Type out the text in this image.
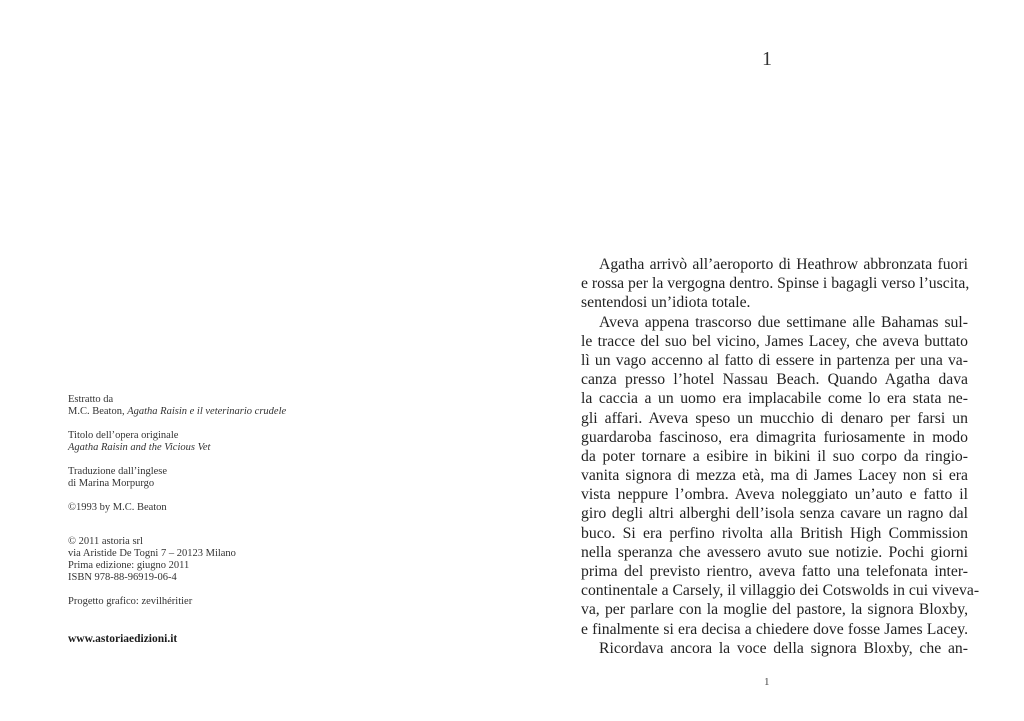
Estratto da
M.C. Beaton, Agatha Raisin e il veterinario crudele
Titolo dell’opera originale
Agatha Raisin and the Vicious Vet
Traduzione dall’inglese
di Marina Morpurgo
©1993 by M.C. Beaton
© 2011 astoria srl
via Aristide De Togni 7 – 20123 Milano
Prima edizione: giugno 2011
ISBN 978-88-96919-06-4
Progetto grafico: zevilhéritier
www.astoriaedizioni.it
1
Agatha arrivò all’aeroporto di Heathrow abbronzata fuori
e rossa per la vergogna dentro. Spinse i bagagli verso l’uscita,
sentendosi un’idiota totale.
Aveva appena trascorso due settimane alle Bahamas sul-
le tracce del suo bel vicino, James Lacey, che aveva buttato
lì un vago accenno al fatto di essere in partenza per una va-
canza presso l’hotel Nassau Beach. Quando Agatha dava
la caccia a un uomo era implacabile come lo era stata ne-
gli affari. Aveva speso un mucchio di denaro per farsi un
guardaroba fascinoso, era dimagrita furiosamente in modo
da poter tornare a esibire in bikini il suo corpo da ringio-
vanita signora di mezza età, ma di James Lacey non si era
vista neppure l’ombra. Aveva noleggiato un’auto e fatto il
giro degli altri alberghi dell’isola senza cavare un ragno dal
buco. Si era perfino rivolta alla British High Commission
nella speranza che avessero avuto sue notizie. Pochi giorni
prima del previsto rientro, aveva fatto una telefonata inter-
continentale a Carsely, il villaggio dei Cotswolds in cui viveva-
va, per parlare con la moglie del pastore, la signora Bloxby,
e finalmente si era decisa a chiedere dove fosse James Lacey.
Ricordava ancora la voce della signora Bloxby, che an-
1
